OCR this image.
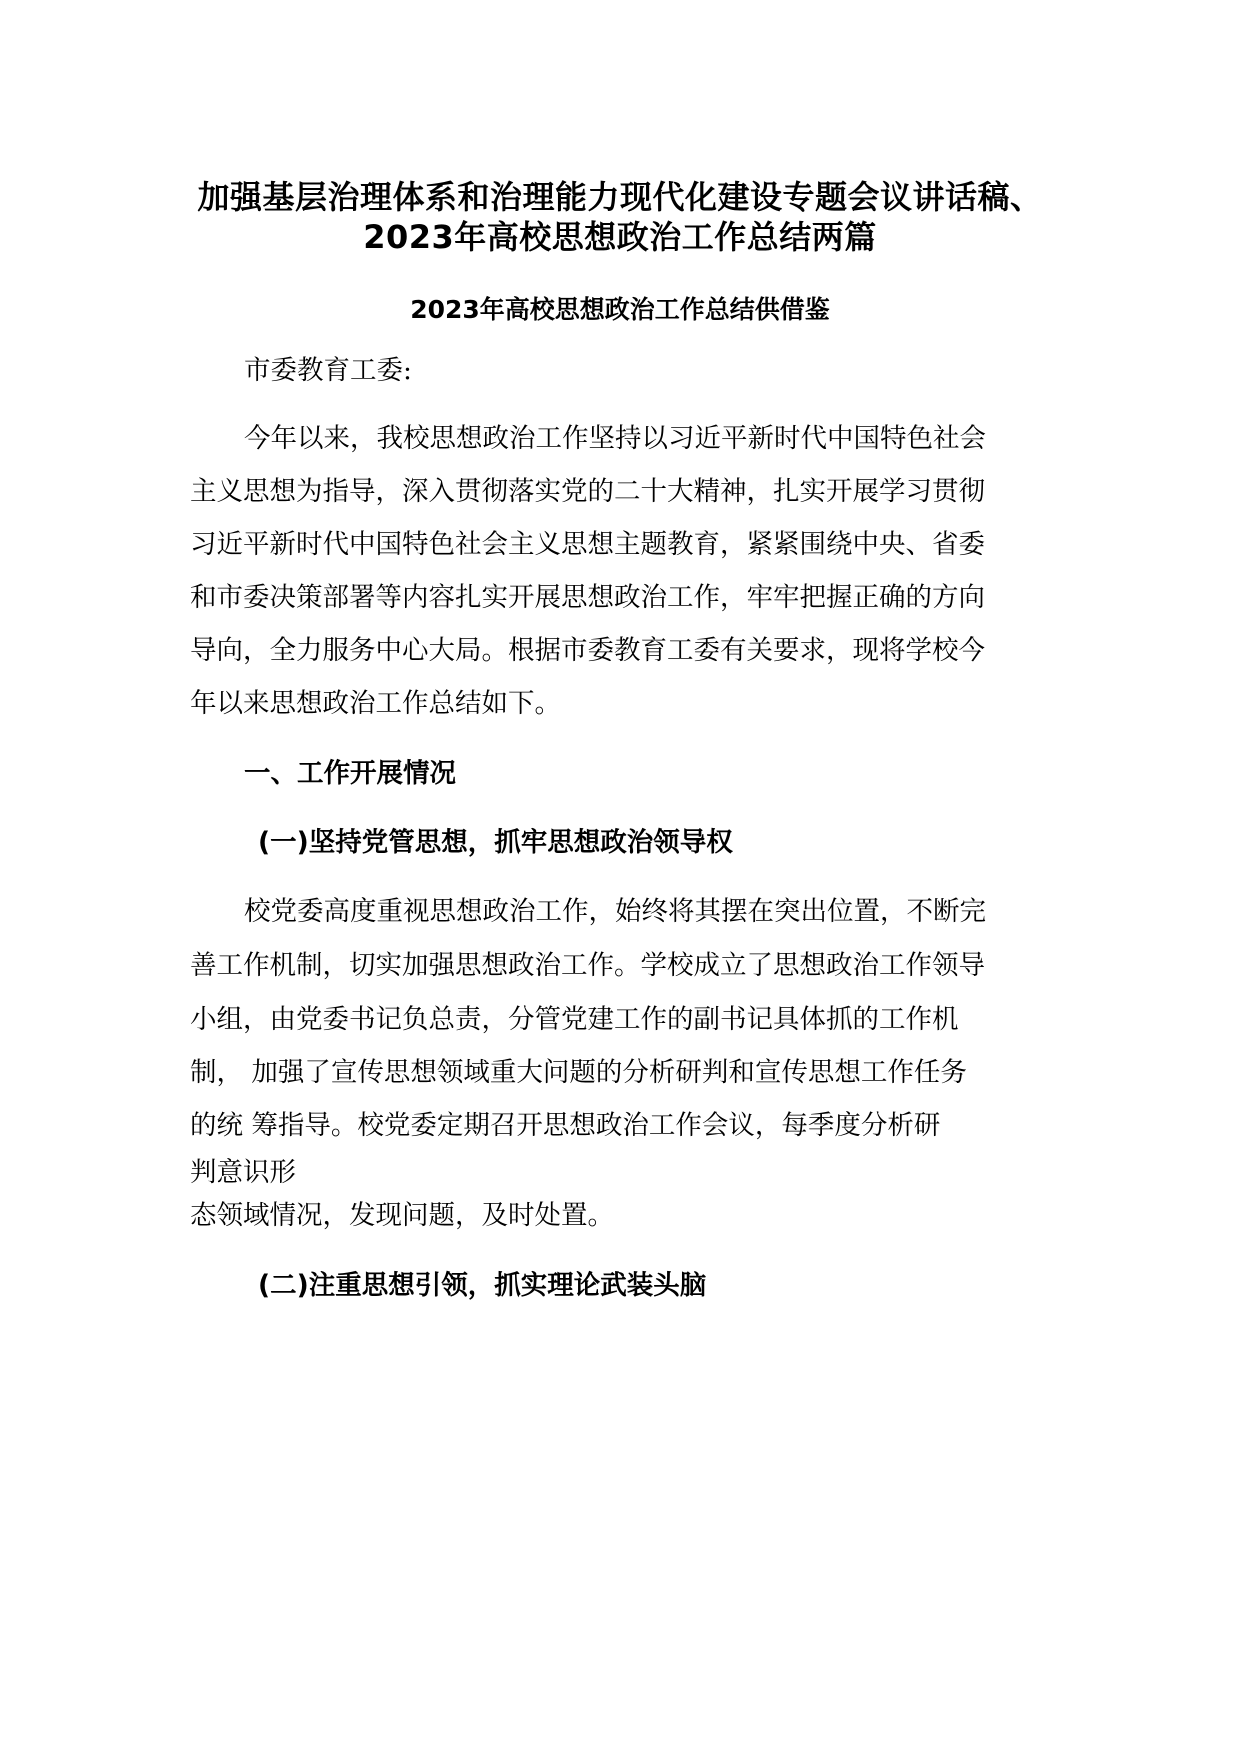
加强基层治理体系和治理能力现代化建设专题会议讲话稿、
2023年高校思想政治工作总结两篇
2023年高校思想政治工作总结供借鉴
市委教育工委:
今年以来，我校思想政治工作坚持以习近平新时代中国特色社会
主义思想为指导，深入贯彻落实党的二十大精神，扎实开展学习贯彻
习近平新时代中国特色社会主义思想主题教育，紧紧围绕中央、省委
和市委决策部署等内容扎实开展思想政治工作，牢牢把握正确的方向
导向，全力服务中心大局。根据市委教育工委有关要求，现将学校今
年以来思想政治工作总结如下。
一、工作开展情况
(一)坚持党管思想，抓牢思想政治领导权
校党委高度重视思想政治工作，始终将其摆在突出位置，不断完
善工作机制，切实加强思想政治工作。学校成立了思想政治工作领导
小组，由党委书记负总责，分管党建工作的副书记具体抓的工作机
制， 加强了宣传思想领域重大问题的分析研判和宣传思想工作任务
的统 筹指导。校党委定期召开思想政治工作会议，每季度分析研
判意识形
态领域情况，发现问题，及时处置。
(二)注重思想引领，抓实理论武装头脑
